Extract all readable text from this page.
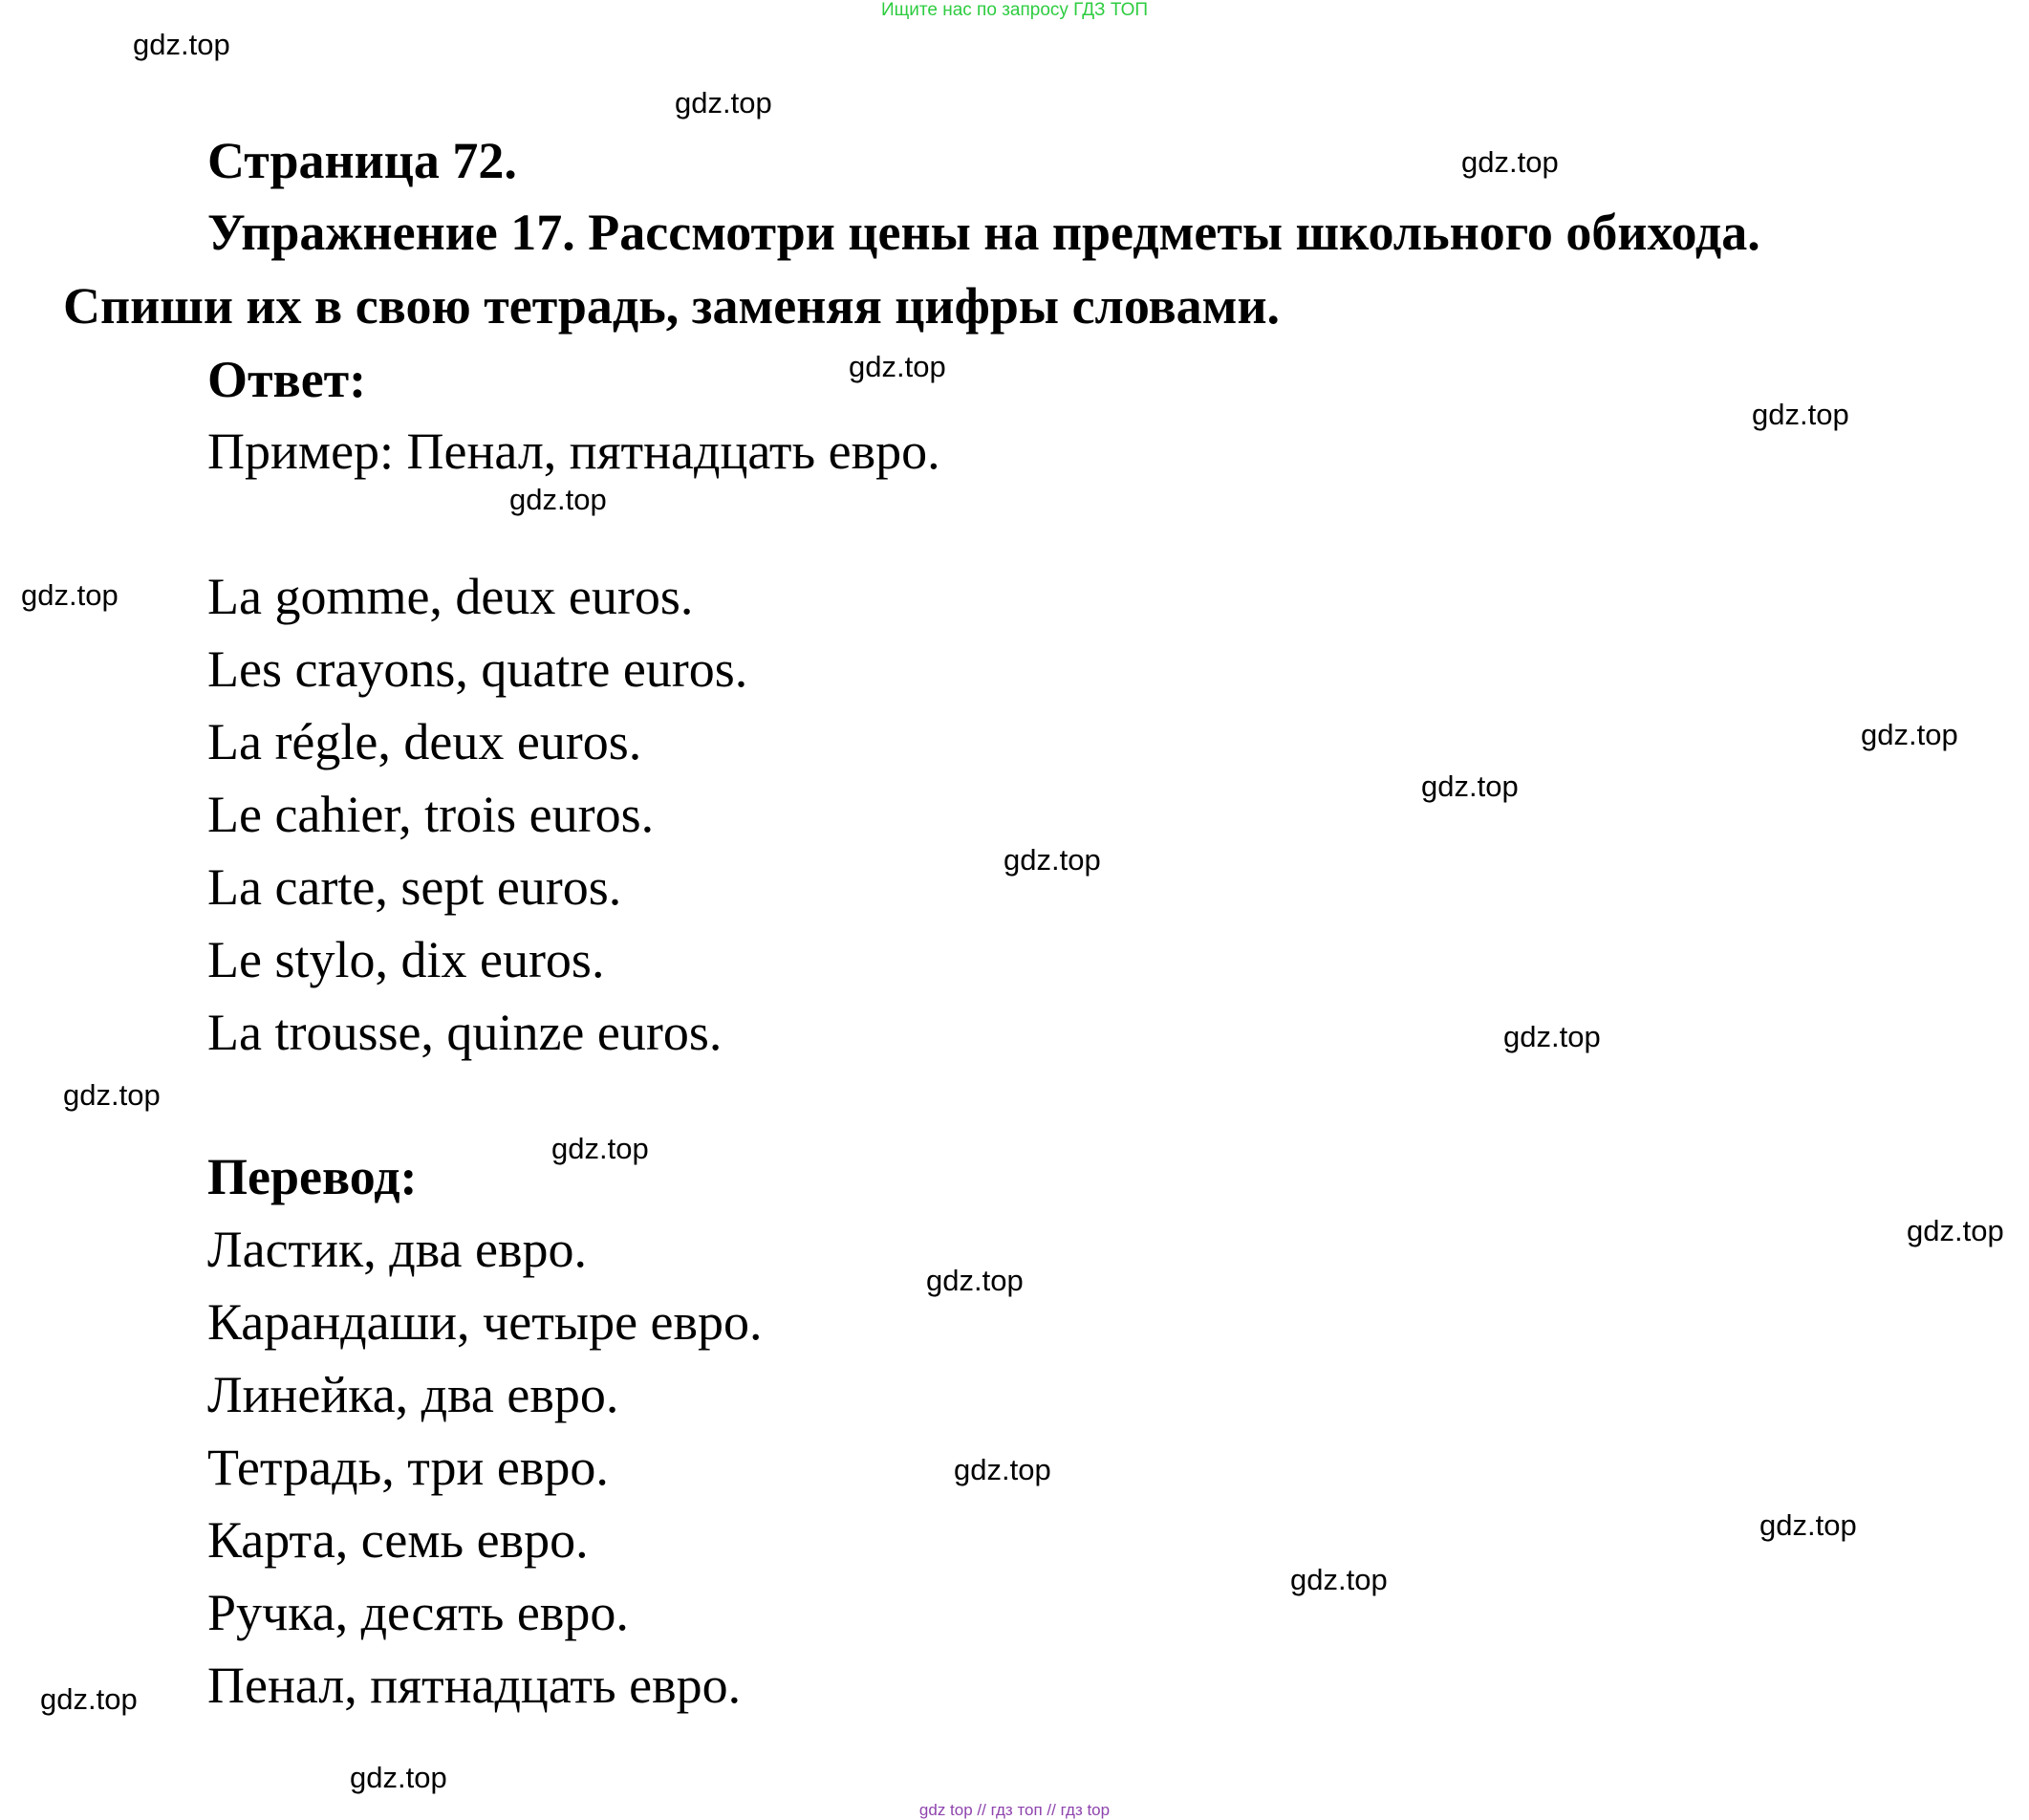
Ищите нас по запросу ГДЗ ТОП
gdz.top
gdz.top
gdz.top
gdz.top
gdz.top
gdz.top
gdz.top
gdz.top
gdz.top
gdz.top
gdz.top
gdz.top
gdz.top
gdz.top
gdz.top
gdz.top
gdz.top
gdz.top
gdz.top
gdz.top
Страница 72.
Упражнение 17. Рассмотри цены на предметы школьного обихода.
Спиши их в свою тетрадь, заменяя цифры словами.
Ответ:
Пример: Пенал, пятнадцать евро.
La gomme, deux euros.
Les crayons, quatre euros.
La régle, deux euros.
Le cahier, trois euros.
La carte, sept euros.
Le stylo, dix euros.
La trousse, quinze euros.
Перевод:
Ластик, два евро.
Карандаши, четыре евро.
Линейка, два евро.
Тетрадь, три евро.
Карта, семь евро.
Ручка, десять евро.
Пенал, пятнадцать евро.
gdz top // гдз топ // гдз top
